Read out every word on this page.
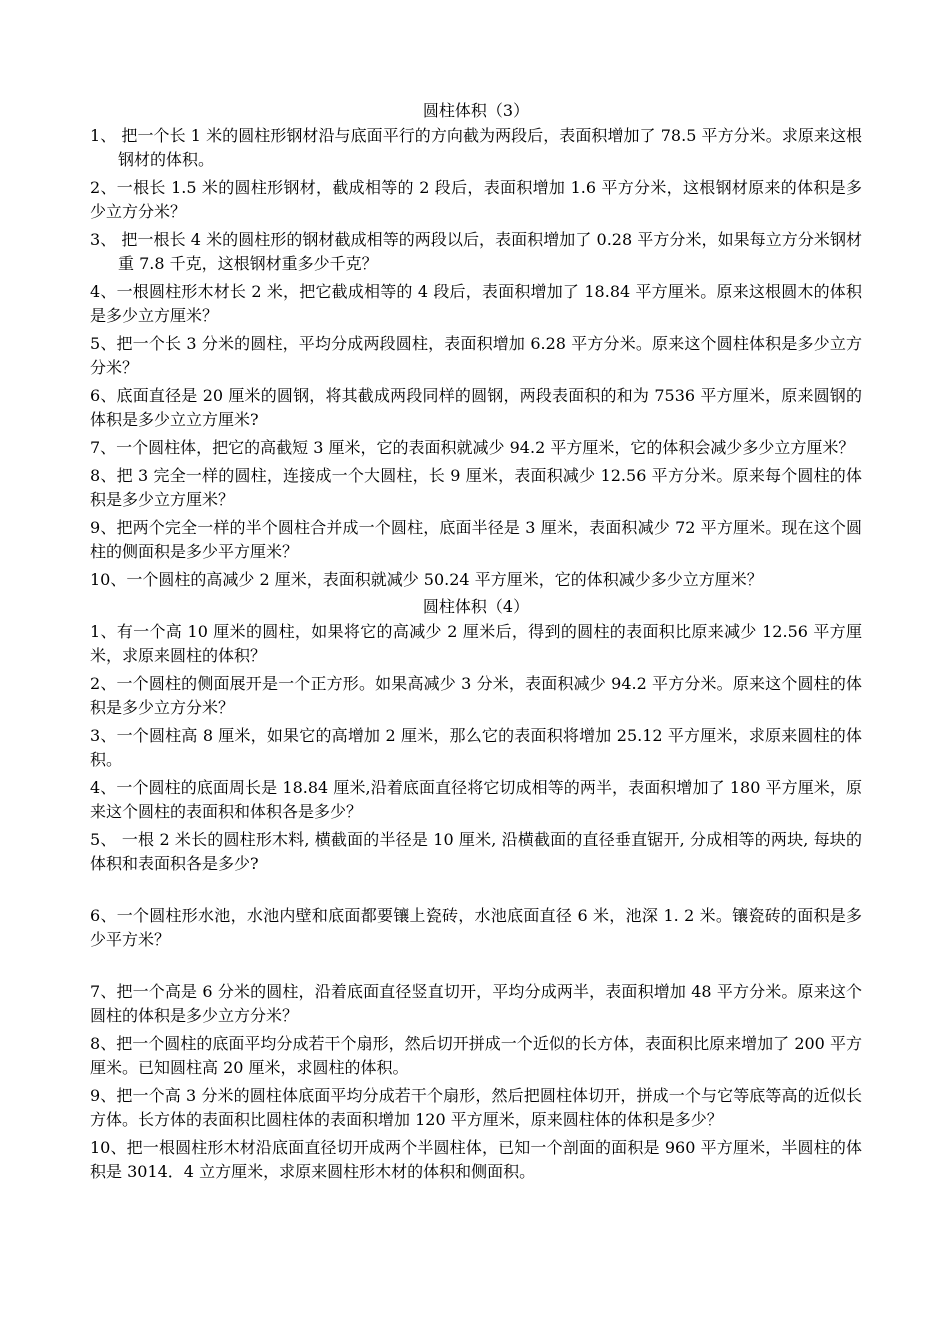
圆柱体积（3）

1、 把一个长 1 米的圆柱形钢材沿与底面平行的方向截为两段后，表面积增加了 78.5 平方分米。求原来这根钢材的体积。

2、一根长 1.5 米的圆柱形钢材，截成相等的 2 段后，表面积增加 1.6 平方分米，这根钢材原来的体积是多少立方分米？

3、 把一根长 4 米的圆柱形的钢材截成相等的两段以后，表面积增加了 0.28 平方分米，如果每立方分米钢材重 7.8 千克，这根钢材重多少千克？

4、一根圆柱形木材长 2 米，把它截成相等的 4 段后，表面积增加了 18.84 平方厘米。原来这根圆木的体积是多少立方厘米？

5、把一个长 3 分米的圆柱，平均分成两段圆柱，表面积增加 6.28 平方分米。原来这个圆柱体积是多少立方分米？

6、底面直径是 20 厘米的圆钢，将其截成两段同样的圆钢，两段表面积的和为 7536 平方厘米，原来圆钢的体积是多少立立方厘米?

7、一个圆柱体，把它的高截短 3 厘米，它的表面积就减少 94.2 平方厘米，它的体积会减少多少立方厘米？

8、把 3 完全一样的圆柱，连接成一个大圆柱，长 9 厘米，表面积减少 12.56 平方分米。原来每个圆柱的体积是多少立方厘米？

9、把两个完全一样的半个圆柱合并成一个圆柱，底面半径是 3 厘米，表面积减少 72 平方厘米。现在这个圆柱的侧面积是多少平方厘米？

10、一个圆柱的高减少 2 厘米，表面积就减少 50.24 平方厘米，它的体积减少多少立方厘米？

圆柱体积（4）

1、有一个高 10 厘米的圆柱，如果将它的高减少 2 厘米后，得到的圆柱的表面积比原来减少 12.56 平方厘米，求原来圆柱的体积？

2、一个圆柱的侧面展开是一个正方形。如果高减少 3 分米，表面积减少 94.2 平方分米。原来这个圆柱的体积是多少立方分米？

3、一个圆柱高 8 厘米，如果它的高增加 2 厘米，那么它的表面积将增加 25.12 平方厘米，求原来圆柱的体积。

4、一个圆柱的底面周长是 18.84 厘米,沿着底面直径将它切成相等的两半，表面积增加了 180 平方厘米，原来这个圆柱的表面积和体积各是多少？

5、 一根 2 米长的圆柱形木料, 横截面的半径是 10 厘米, 沿横截面的直径垂直锯开, 分成相等的两块, 每块的体积和表面积各是多少?

6、一个圆柱形水池，水池内壁和底面都要镶上瓷砖，水池底面直径 6 米，池深 1. 2 米。镶瓷砖的面积是多少平方米？

7、把一个高是 6 分米的圆柱，沿着底面直径竖直切开，平均分成两半，表面积增加 48 平方分米。原来这个圆柱的体积是多少立方分米？

8、把一个圆柱的底面平均分成若干个扇形，然后切开拼成一个近似的长方体，表面积比原来增加了 200 平方厘米。已知圆柱高 20 厘米，求圆柱的体积。

9、把一个高 3 分米的圆柱体底面平均分成若干个扇形，然后把圆柱体切开，拼成一个与它等底等高的近似长方体。长方体的表面积比圆柱体的表面积增加 120 平方厘米，原来圆柱体的体积是多少？

10、把一根圆柱形木材沿底面直径切开成两个半圆柱体，已知一个剖面的面积是 960 平方厘米，半圆柱的体积是 3014．4 立方厘米，求原来圆柱形木材的体积和侧面积。
